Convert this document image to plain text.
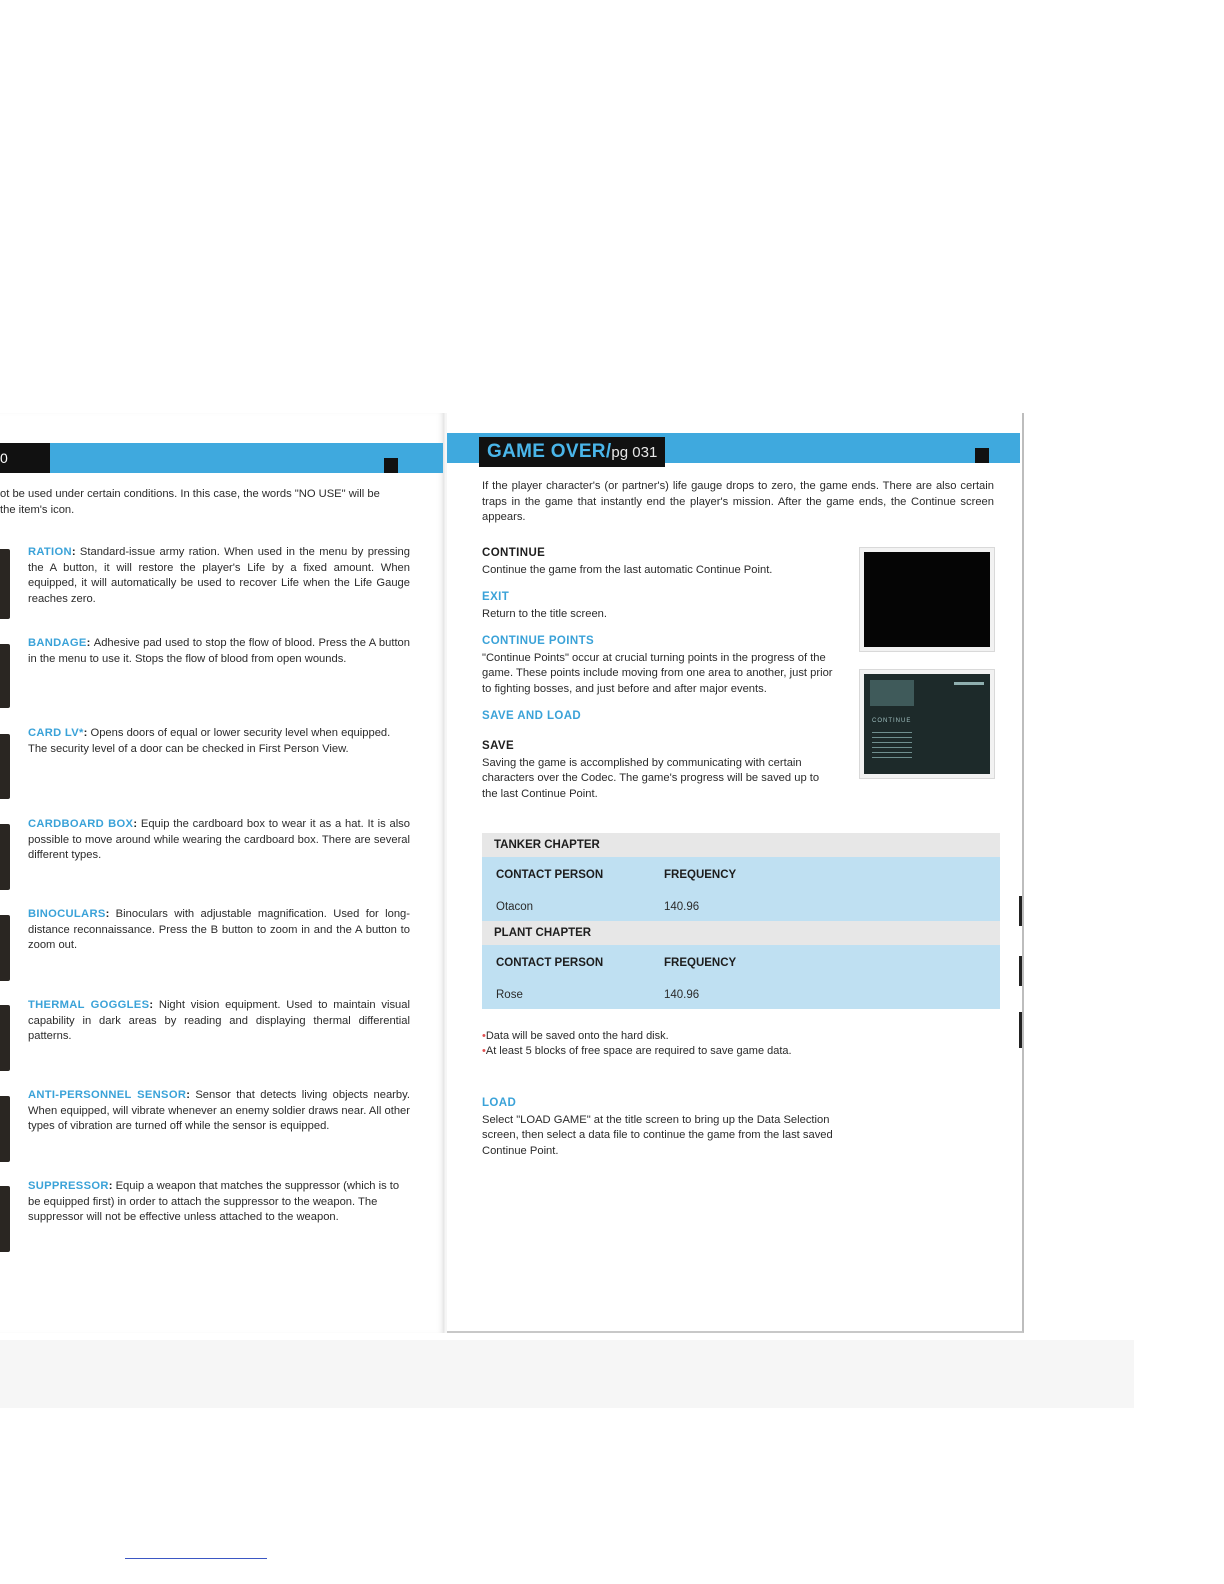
0
ot be used under certain conditions. In this case, the words "NO USE" will be
the item's icon.
RATION: Standard-issue army ration. When used in the menu by pressing the A button, it will restore the player's Life by a fixed amount. When equipped, it will automatically be used to recover Life when the Life Gauge reaches zero.
BANDAGE: Adhesive pad used to stop the flow of blood. Press the A button in the menu to use it. Stops the flow of blood from open wounds.
CARD LV*: Opens doors of equal or lower security level when equipped. The security level of a door can be checked in First Person View.
CARDBOARD BOX: Equip the cardboard box to wear it as a hat. It is also possible to move around while wearing the cardboard box. There are several different types.
BINOCULARS: Binoculars with adjustable magnification. Used for long-distance reconnaissance. Press the B button to zoom in and the A button to zoom out.
THERMAL GOGGLES: Night vision equipment. Used to maintain visual capability in dark areas by reading and displaying thermal differential patterns.
ANTI-PERSONNEL SENSOR: Sensor that detects living objects nearby. When equipped, will vibrate whenever an enemy soldier draws near. All other types of vibration are turned off while the sensor is equipped.
SUPPRESSOR: Equip a weapon that matches the suppressor (which is to be equipped first) in order to attach the suppressor to the weapon. The suppressor will not be effective unless attached to the weapon.
GAME OVER/pg 031
If the player character's (or partner's) life gauge drops to zero, the game ends. There are also certain traps in the game that instantly end the player's mission. After the game ends, the Continue screen appears.
CONTINUE
Continue the game from the last automatic Continue Point.
EXIT
Return to the title screen.
CONTINUE POINTS
"Continue Points" occur at crucial turning points in the progress of the game. These points include moving from one area to another, just prior to fighting bosses, and just before and after major events.
SAVE AND LOAD
SAVE
Saving the game is accomplished by communicating with certain characters over the Codec. The game's progress will be saved up to the last Continue Point.
CONTINUE
TANKER CHAPTER	
CONTACT PERSON	FREQUENCY
Otacon	140.96
PLANT CHAPTER	
CONTACT PERSON	FREQUENCY
Rose	140.96
•Data will be saved onto the hard disk.
•At least 5 blocks of free space are required to save game data.
LOAD
Select "LOAD GAME" at the title screen to bring up the Data Selection screen, then select a data file to continue the game from the last saved Continue Point.
